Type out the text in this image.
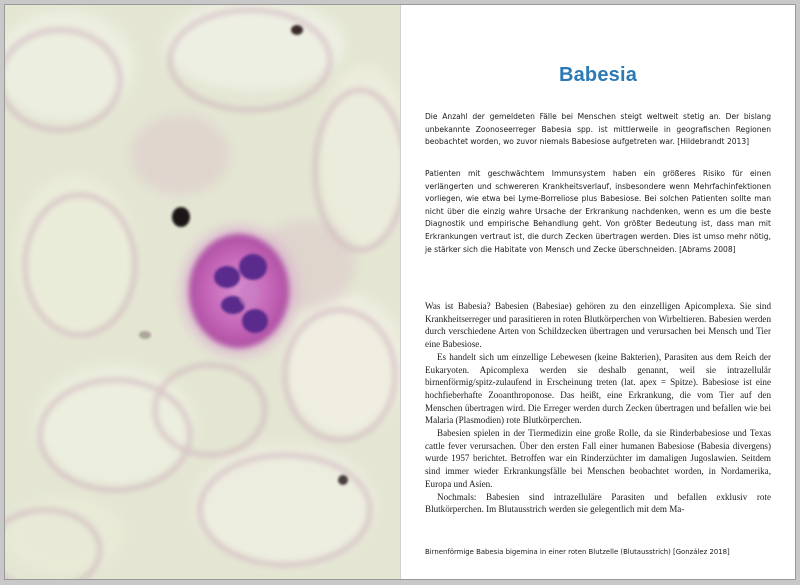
Babesia

Die Anzahl der gemeldeten Fälle bei Menschen steigt weltweit stetig an. Der bislang unbekannte Zoonoseerreger Babesia spp. ist mittlerweile in geografischen Regionen beobachtet worden, wo zuvor niemals Babesiose aufgetreten war. [Hildebrandt 2013]

Patienten mit geschwächtem Immunsystem haben ein größeres Risiko für einen verlängerten und schwereren Krankheitsverlauf, insbesondere wenn Mehrfachinfektionen vorliegen, wie etwa bei Lyme-Borreliose plus Babesiose. Bei solchen Patienten sollte man nicht über die einzig wahre Ursache der Erkrankung nachdenken, wenn es um die beste Diagnostik und empirische Behandlung geht. Von größter Bedeutung ist, dass man mit Erkrankungen vertraut ist, die durch Zecken übertragen werden. Dies ist umso mehr nötig, je stärker sich die Habitate von Mensch und Zecke überschneiden. [Abrams 2008]

Was ist Babesia? Babesien (Babesiae) gehören zu den einzelligen Apicomplexa. Sie sind Krankheitserreger und parasitieren in roten Blutkörperchen von Wirbeltieren. Babesien werden durch verschiedene Arten von Schildzecken übertragen und verursachen bei Mensch und Tier eine Babesiose.

Es handelt sich um einzellige Lebewesen (keine Bakterien), Parasiten aus dem Reich der Eukaryoten. Apicomplexa werden sie deshalb genannt, weil sie intrazellulär birnenförmig/spitz-zulaufend in Erscheinung treten (lat. apex = Spitze). Babesiose ist eine hochfieberhafte Zooanthroponose. Das heißt, eine Erkrankung, die vom Tier auf den Menschen übertragen wird. Die Erreger werden durch Zecken übertragen und befallen wie bei Malaria (Plasmodien) rote Blutkörperchen.

Babesien spielen in der Tiermedizin eine große Rolle, da sie Rinderbabesiose und Texas cattle fever verursachen. Über den ersten Fall einer humanen Babesiose (Babesia divergens) wurde 1957 berichtet. Betroffen war ein Rinderzüchter im damaligen Jugoslawien. Seitdem sind immer wieder Erkrankungsfälle bei Menschen beobachtet worden, in Nordamerika, Europa und Asien.

Nochmals: Babesien sind intrazelluläre Parasiten und befallen exklusiv rote Blutkörperchen. Im Blutausstrich werden sie gelegentlich mit dem Ma-

Birnenförmige Babesia bigemina in einer roten Blutzelle (Blutausstrich) [González 2018]
